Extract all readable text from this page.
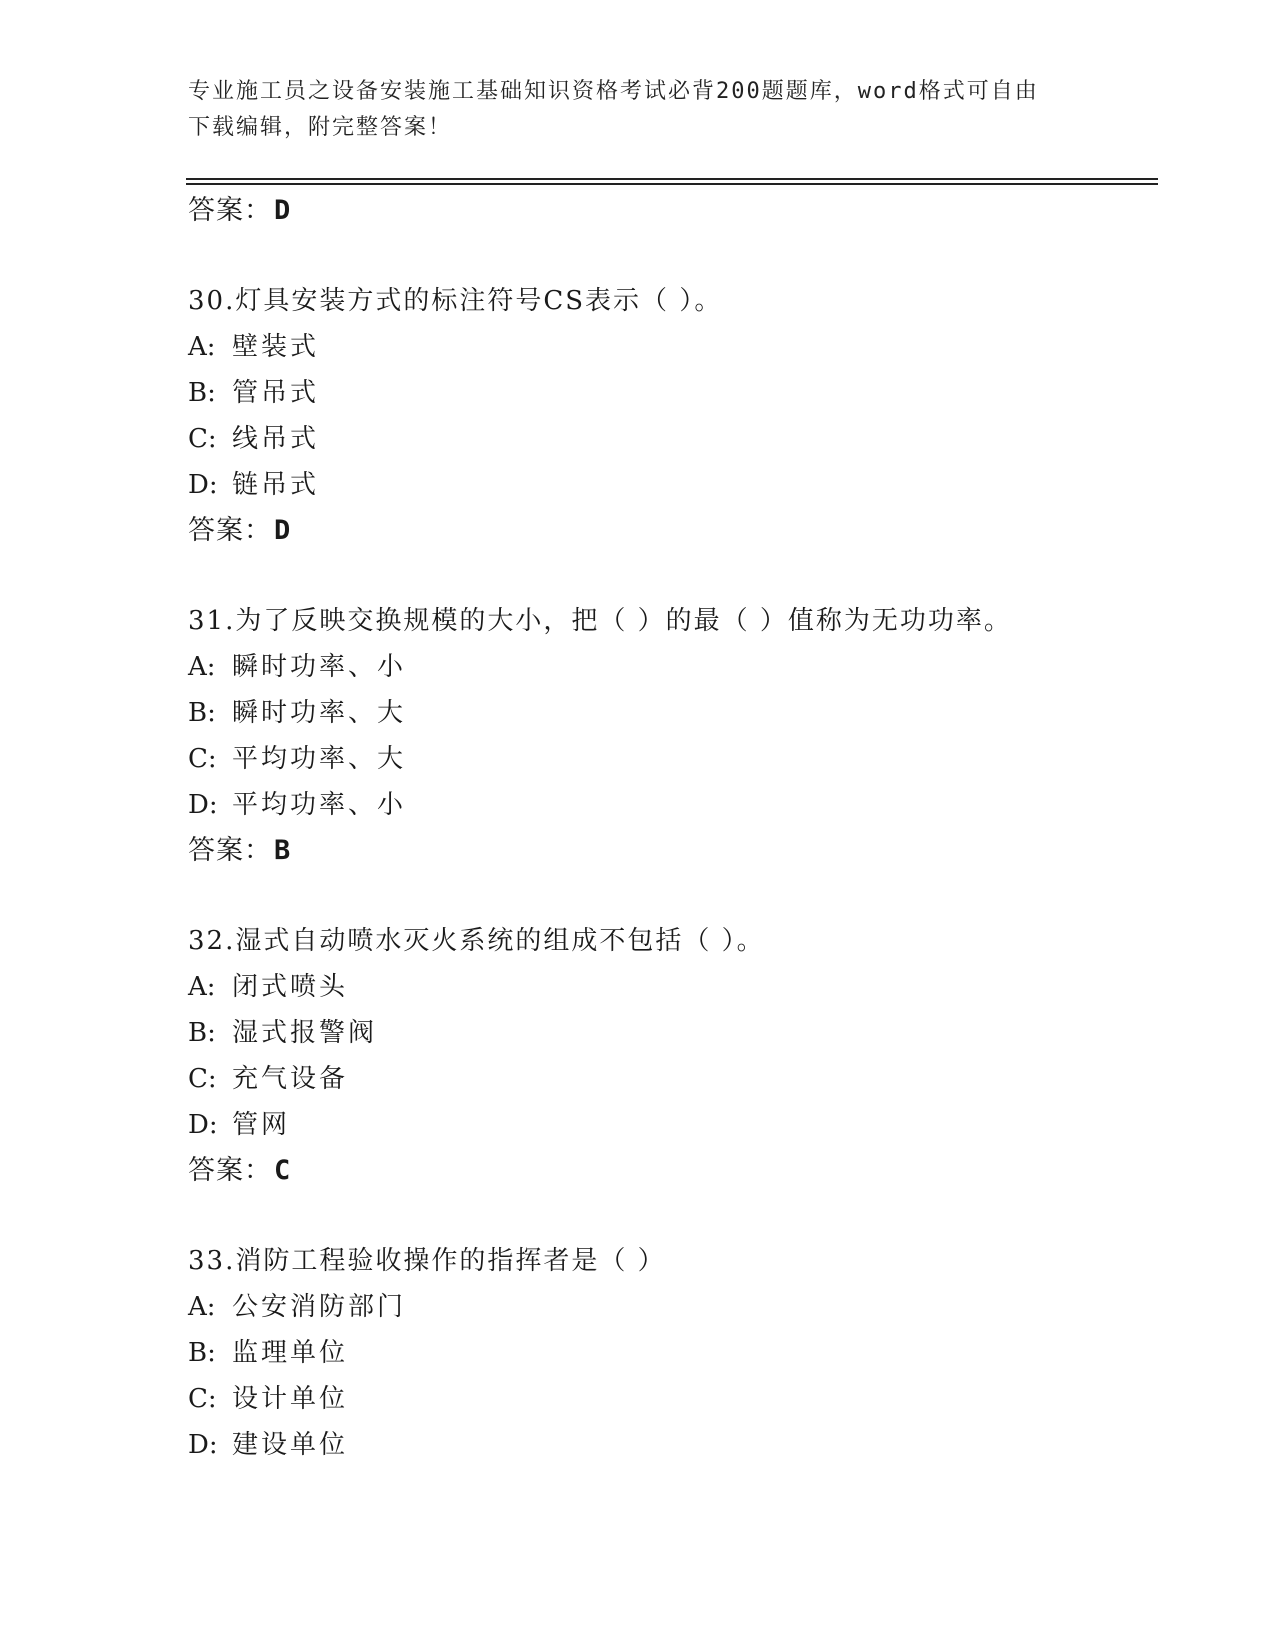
专业施工员之设备安装施工基础知识资格考试必背200题题库，word格式可自由
下载编辑，附完整答案！
答案：D
30.灯具安装方式的标注符号CS表示（ ）。
A: 壁装式
B: 管吊式
C: 线吊式
D: 链吊式
答案：D
31.为了反映交换规模的大小，把（ ）的最（ ）值称为无功功率。
A: 瞬时功率、小
B: 瞬时功率、大
C: 平均功率、大
D: 平均功率、小
答案：B
32.湿式自动喷水灭火系统的组成不包括（ ）。
A: 闭式喷头
B: 湿式报警阀
C: 充气设备
D: 管网
答案：C
33.消防工程验收操作的指挥者是（ ）
A: 公安消防部门
B: 监理单位
C: 设计单位
D: 建设单位
